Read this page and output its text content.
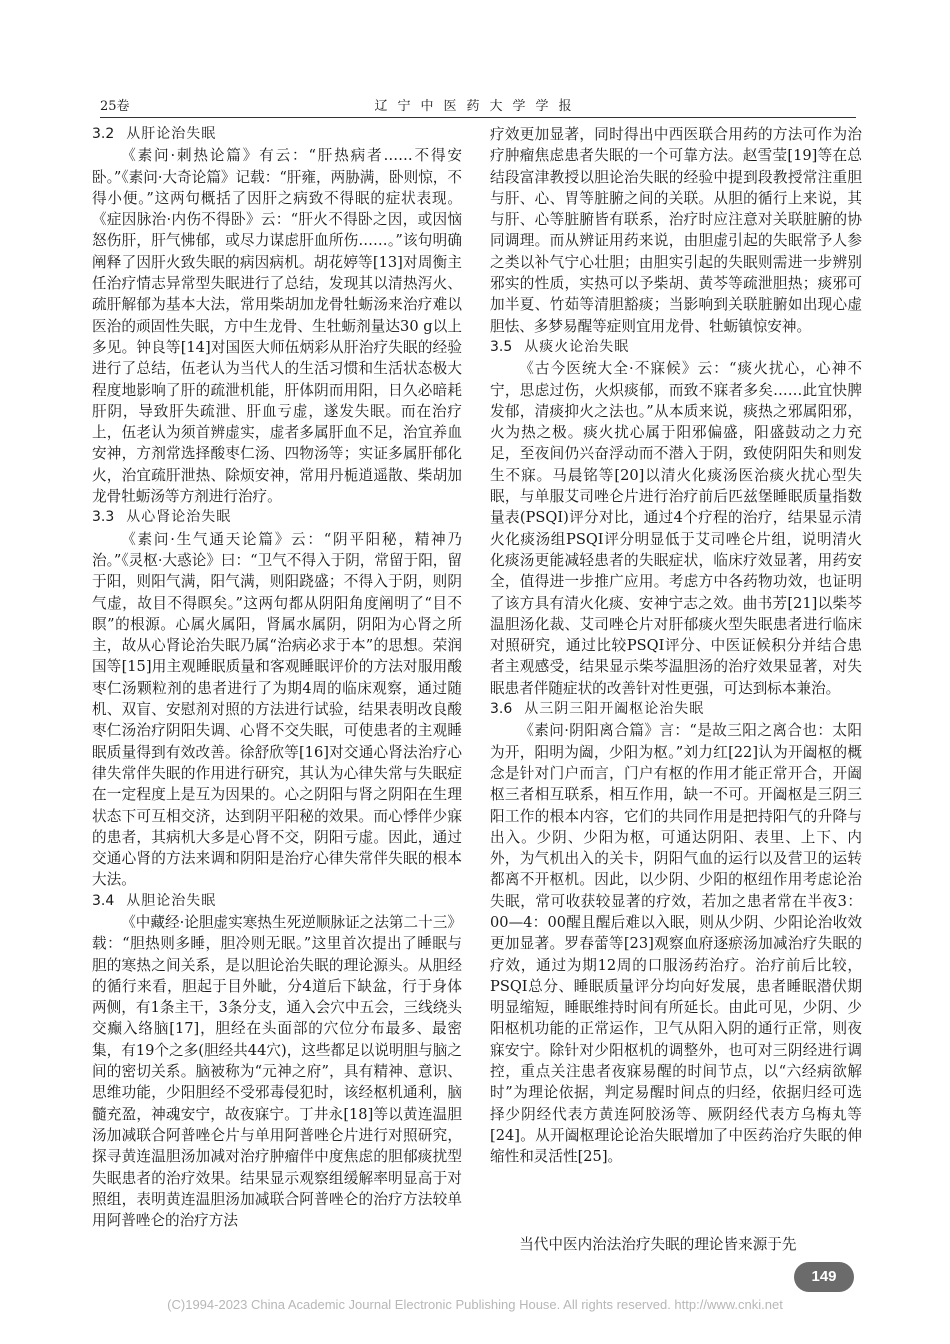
25卷	辽宁中医药大学学报
3.2 从肝论治失眠

《素问·刺热论篇》有云：“肝热病者……不得安卧。”《素问·大奇论篇》记载：“肝雍，两胁满，卧则惊，不得小便。”这两句概括了因肝之病致不得眠的症状表现。《症因脉治·内伤不得卧》云：“肝火不得卧之因，或因恼怒伤肝，肝气怫郁，或尽力谋虑肝血所伤……。”该句明确阐释了因肝火致失眠的病因病机。胡花婷等[13]对周衡主任治疗情志异常型失眠进行了总结，发现其以清热泻火、疏肝解郁为基本大法，常用柴胡加龙骨牡蛎汤来治疗难以医治的顽固性失眠，方中生龙骨、生牡蛎剂量达30 g以上多见。钟良等[14]对国医大师伍炳彩从肝治疗失眠的经验进行了总结，伍老认为当代人的生活习惯和生活状态极大程度地影响了肝的疏泄机能，肝体阴而用阳，日久必暗耗肝阴，导致肝失疏泄、肝血亏虚，遂发失眠。而在治疗上，伍老认为须首辨虚实，虚者多属肝血不足，治宜养血安神，方剂常选择酸枣仁汤、四物汤等；实证多属肝郁化火，治宜疏肝泄热、除烦安神，常用丹栀逍遥散、柴胡加龙骨牡蛎汤等方剂进行治疗。

3.3 从心肾论治失眠

《素问·生气通天论篇》云：“阴平阳秘，精神乃治。”《灵枢·大惑论》曰：“卫气不得入于阴，常留于阳，留于阳，则阳气满，阳气满，则阳跷盛；不得入于阴，则阴气虚，故目不得瞑矣。”这两句都从阴阳角度阐明了“目不瞑”的根源。心属火属阳，肾属水属阴，阴阳为心肾之所主，故从心肾论治失眠乃属“治病必求于本”的思想。荣润国等[15]用主观睡眠质量和客观睡眠评价的方法对服用酸枣仁汤颗粒剂的患者进行了为期4周的临床观察，通过随机、双盲、安慰剂对照的方法进行试验，结果表明改良酸枣仁汤治疗阴阳失调、心肾不交失眠，可使患者的主观睡眠质量得到有效改善。徐舒欣等[16]对交通心肾法治疗心律失常伴失眠的作用进行研究，其认为心律失常与失眠症在一定程度上是互为因果的。心之阴阳与肾之阴阳在生理状态下可互相交济，达到阴平阳秘的效果。而心悸伴少寐的患者，其病机大多是心肾不交，阴阳亏虚。因此，通过交通心肾的方法来调和阴阳是治疗心律失常伴失眠的根本大法。

3.4 从胆论治失眠

《中藏经·论胆虚实寒热生死逆顺脉证之法第二十三》载：“胆热则多睡，胆冷则无眠。”这里首次提出了睡眠与胆的寒热之间关系，是以胆论治失眠的理论源头。从胆经的循行来看，胆起于目外眦，分4道后下缺盆，行于身体两侧，有1条主干，3条分支，通入会穴中五会，三线绕头交癫入络脑[17]，胆经在头面部的穴位分布最多、最密集，有19个之多(胆经共44穴)，这些都足以说明胆与脑之间的密切关系。脑被称为“元神之府”，具有精神、意识、思维功能，少阳胆经不受邪毒侵犯时，该经枢机通利，脑髓充盈，神魂安宁，故夜寐宁。丁井永[18]等以黄连温胆汤加减联合阿普唑仑片与单用阿普唑仑片进行对照研究，探寻黄连温胆汤加减对治疗肿瘤伴中度焦虑的胆郁痰扰型失眠患者的治疗效果。结果显示观察组缓解率明显高于对照组，表明黄连温胆汤加减联合阿普唑仑的治疗方法较单用阿普唑仑的治疗方法

疗效更加显著，同时得出中西医联合用药的方法可作为治疗肿瘤焦虑患者失眠的一个可靠方法。赵雪莹[19]等在总结段富津教授以胆论治失眠的经验中提到段教授常注重胆与肝、心、胃等脏腑之间的关联。从胆的循行上来说，其与肝、心等脏腑皆有联系，治疗时应注意对关联脏腑的协同调理。而从辨证用药来说，由胆虚引起的失眠常予人参之类以补气宁心壮胆；由胆实引起的失眠则需进一步辨别邪实的性质，实热可以予柴胡、黄芩等疏泄胆热；痰邪可加半夏、竹茹等清胆豁痰；当影响到关联脏腑如出现心虚胆怯、多梦易醒等症则宜用龙骨、牡蛎镇惊安神。

3.5 从痰火论治失眠

《古今医统大全·不寐候》云：“痰火扰心，心神不宁，思虑过伤，火炽痰郁，而致不寐者多矣……此宜快脾发郁，清痰抑火之法也。”从本质来说，痰热之邪属阳邪，火为热之极。痰火扰心属于阳邪偏盛，阳盛鼓动之力充足，至夜间仍兴奋浮动而不潜入于阴，致使阴阳失和则发生不寐。马晨铭等[20]以清火化痰汤医治痰火扰心型失眠，与单服艾司唑仑片进行治疗前后匹兹堡睡眠质量指数量表(PSQI)评分对比，通过4个疗程的治疗，结果显示清火化痰汤组PSQI评分明显低于艾司唑仑片组，说明清火化痰汤更能减轻患者的失眠症状，临床疗效显著，用药安全，值得进一步推广应用。考虑方中各药物功效，也证明了该方具有清火化痰、安神宁志之效。曲书芳[21]以柴芩温胆汤化裁、艾司唑仑片对肝郁痰火型失眠患者进行临床对照研究，通过比较PSQI评分、中医证候积分并结合患者主观感受，结果显示柴芩温胆汤的治疗效果显著，对失眠患者伴随症状的改善针对性更强，可达到标本兼治。

3.6 从三阴三阳开阖枢论治失眠

《素问·阴阳离合篇》言：“是故三阳之离合也：太阳为开，阳明为阖，少阳为枢。”刘力红[22]认为开阖枢的概念是针对门户而言，门户有枢的作用才能正常开合，开阖枢三者相互联系，相互作用，缺一不可。开阖枢是三阴三阳工作的根本内容，它们的共同作用是把持阳气的升降与出入。少阴、少阳为枢，可通达阴阳、表里、上下、内外，为气机出入的关卡，阴阳气血的运行以及营卫的运转都离不开枢机。因此，以少阴、少阳的枢纽作用考虑论治失眠，常可收获较显著的疗效，若加之患者常在半夜3：00—4：00醒且醒后难以入眠，则从少阴、少阳论治收效更加显著。罗春蕾等[23]观察血府逐瘀汤加减治疗失眠的疗效，通过为期12周的口服汤药治疗。治疗前后比较，PSQI总分、睡眠质量评分均向好发展，患者睡眠潜伏期明显缩短，睡眠维持时间有所延长。由此可见，少阴、少阳枢机功能的正常运作，卫气从阳入阴的通行正常，则夜寐安宁。除针对少阳枢机的调整外，也可对三阴经进行调控，重点关注患者夜寐易醒的时间节点，以“六经病欲解时”为理论依据，判定易醒时间点的归经，依据归经可选择少阴经代表方黄连阿胶汤等、厥阴经代表方乌梅丸等[24]。从开阖枢理论论治失眠增加了中医药治疗失眠的伸缩性和灵活性[25]。

当代中医内治法治疗失眠的理论皆来源于先
149
(C)1994-2023 China Academic Journal Electronic Publishing House. All rights reserved. http://www.cnki.net
